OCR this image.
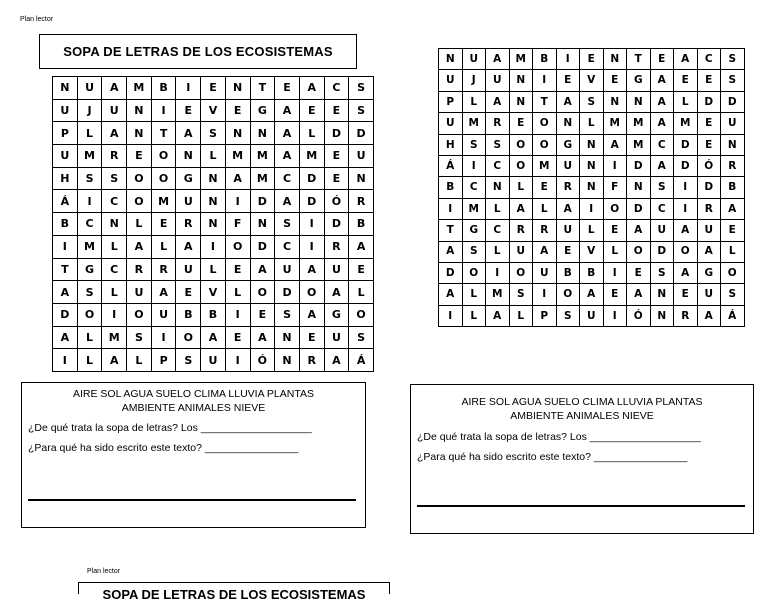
Plan lector
SOPA DE LETRAS DE LOS ECOSISTEMAS
N	U	A	M	B	I	E	N	T	E	A	C	S
U	J	U	N	I	E	V	E	G	A	E	E	S
P	L	A	N	T	A	S	N	N	A	L	D	D
U	M	R	E	O	N	L	M	M	A	M	E	U
H	S	S	O	O	G	N	A	M	C	D	E	N
Á	I	C	O	M	U	N	I	D	A	D	Ó	R
B	C	N	L	E	R	N	F	N	S	I	D	B
I	M	L	A	L	A	I	O	D	C	I	R	A
T	G	C	R	R	U	L	E	A	U	A	U	E
A	S	L	U	A	E	V	L	O	D	O	A	L
D	O	I	O	U	B	B	I	E	S	A	G	O
A	L	M	S	I	O	A	E	A	N	E	U	S
I	L	A	L	P	S	U	I	Ó	N	R	A	Á
AIRE SOL AGUA SUELO CLIMA LLUVIA PLANTAS
AMBIENTE ANIMALES NIEVE
¿De qué trata la sopa de letras? Los ___________________
¿Para qué ha sido escrito este texto? ________________
N	U	A	M	B	I	E	N	T	E	A	C	S
U	J	U	N	I	E	V	E	G	A	E	E	S
P	L	A	N	T	A	S	N	N	A	L	D	D
U	M	R	E	O	N	L	M	M	A	M	E	U
H	S	S	O	O	G	N	A	M	C	D	E	N
Á	I	C	O	M	U	N	I	D	A	D	Ó	R
B	C	N	L	E	R	N	F	N	S	I	D	B
I	M	L	A	L	A	I	O	D	C	I	R	A
T	G	C	R	R	U	L	E	A	U	A	U	E
A	S	L	U	A	E	V	L	O	D	O	A	L
D	O	I	O	U	B	B	I	E	S	A	G	O
A	L	M	S	I	O	A	E	A	N	E	U	S
I	L	A	L	P	S	U	I	Ó	N	R	A	Á
AIRE SOL AGUA SUELO CLIMA LLUVIA PLANTAS
AMBIENTE ANIMALES NIEVE
¿De qué trata la sopa de letras? Los ___________________
¿Para qué ha sido escrito este texto? ________________
Plan lector
SOPA DE LETRAS DE LOS ECOSISTEMAS
